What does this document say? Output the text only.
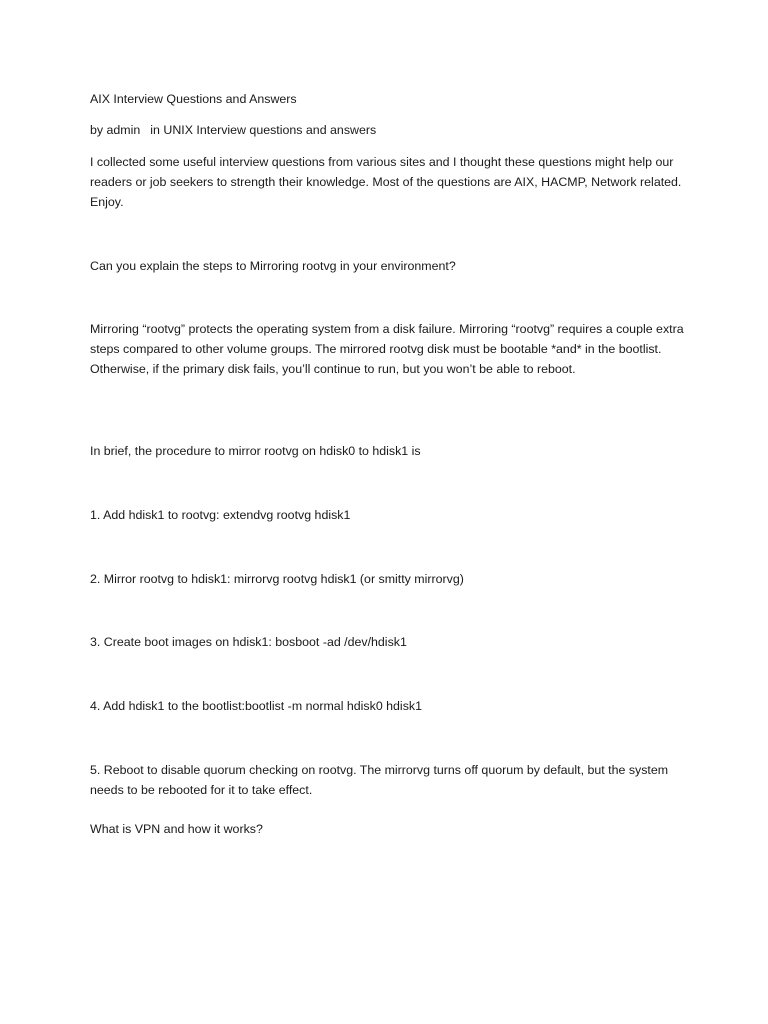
AIX Interview Questions and Answers
by admin in UNIX Interview questions and answers
I collected some useful interview questions from various sites and I thought these questions might help our readers or job seekers to strength their knowledge. Most of the questions are AIX, HACMP, Network related. Enjoy.
Can you explain the steps to Mirroring rootvg in your environment?
Mirroring “rootvg” protects the operating system from a disk failure. Mirroring “rootvg” requires a couple extra steps compared to other volume groups. The mirrored rootvg disk must be bootable *and* in the bootlist. Otherwise, if the primary disk fails, you’ll continue to run, but you won’t be able to reboot.
In brief, the procedure to mirror rootvg on hdisk0 to hdisk1 is
1. Add hdisk1 to rootvg: extendvg rootvg hdisk1
2. Mirror rootvg to hdisk1: mirrorvg rootvg hdisk1 (or smitty mirrorvg)
3. Create boot images on hdisk1: bosboot -ad /dev/hdisk1
4. Add hdisk1 to the bootlist:bootlist -m normal hdisk0 hdisk1
5. Reboot to disable quorum checking on rootvg. The mirrorvg turns off quorum by default, but the system needs to be rebooted for it to take effect.
What is VPN and how it works?
